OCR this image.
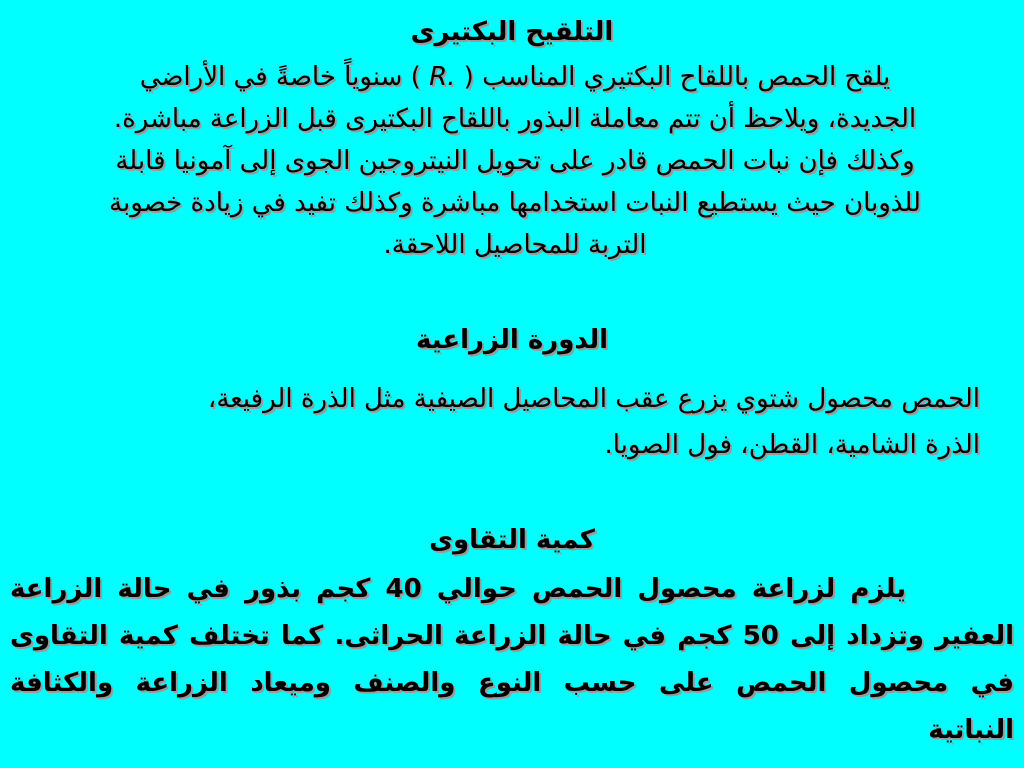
التلقيح البكتيرى
يلقح الحمص باللقاح البكتيري المناسب ( R. ) سنوياً خاصةً في الأراضي
الجديدة، ويلاحظ أن تتم معاملة البذور باللقاح البكتيرى قبل الزراعة مباشرة.
وكذلك فإن نبات الحمص قادر على تحويل النيتروجين الجوى إلى آمونيا قابلة
للذوبان حيث يستطيع النبات استخدامها مباشرة وكذلك تفيد في زيادة خصوبة
التربة للمحاصيل اللاحقة.
الدورة الزراعية
الحمص محصول شتوي يزرع عقب المحاصيل الصيفية مثل الذرة الرفيعة،
الذرة الشامية، القطن، فول الصويا.
كمية التقاوى
يلزم لزراعة محصول الحمص حوالي 40 كجم بذور في حالة الزراعة
العفير وتزداد إلى 50 كجم في حالة الزراعة الحراثى. كما تختلف كمية التقاوى
في محصول الحمص على حسب النوع والصنف وميعاد الزراعة والكثافة
النباتية
